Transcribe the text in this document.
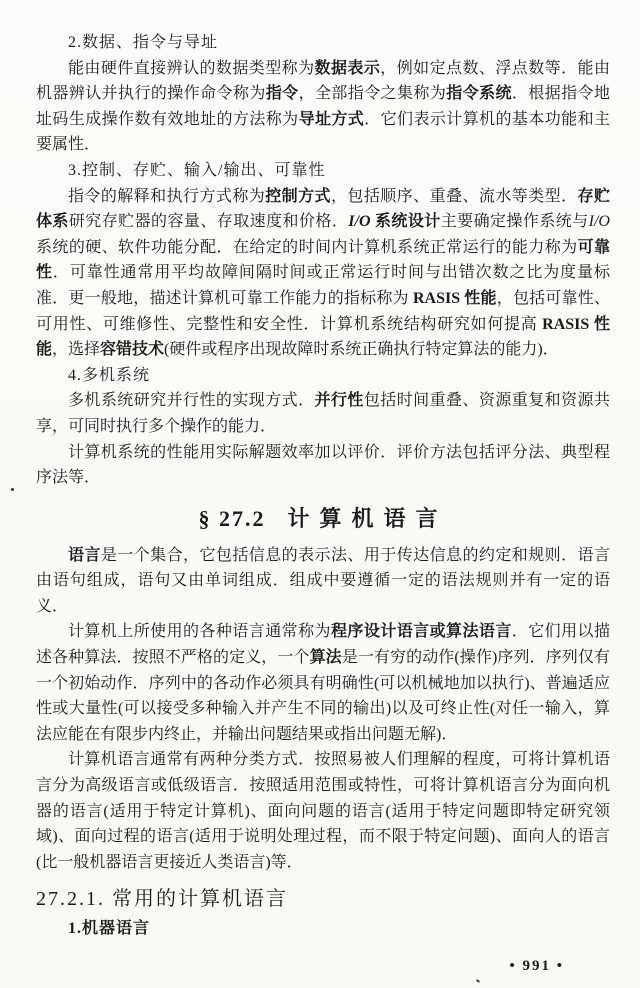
2.数据、指令与导址

能由硬件直接辨认的数据类型称为数据表示，例如定点数、浮点数等．能由机器辨认并执行的操作命令称为指令，全部指令之集称为指令系统．根据指令地址码生成操作数有效地址的方法称为导址方式．它们表示计算机的基本功能和主要属性．

3.控制、存贮、输入/输出、可靠性

指令的解释和执行方式称为控制方式，包括顺序、重叠、流水等类型．存贮体系研究存贮器的容量、存取速度和价格．I/O 系统设计主要确定操作系统与I/O 系统的硬、软件功能分配．在给定的时间内计算机系统正常运行的能力称为可靠性．可靠性通常用平均故障间隔时间或正常运行时间与出错次数之比为度量标准．更一般地，描述计算机可靠工作能力的指标称为 RASIS 性能，包括可靠性、可用性、可维修性、完整性和安全性．计算机系统结构研究如何提高 RASIS 性能，选择容错技术(硬件或程序出现故障时系统正确执行特定算法的能力)．

4.多机系统

多机系统研究并行性的实现方式．并行性包括时间重叠、资源重复和资源共享，可同时执行多个操作的能力．

计算机系统的性能用实际解题效率加以评价．评价方法包括评分法、典型程序法等．

§ 27.2 计算机语言

语言是一个集合，它包括信息的表示法、用于传达信息的约定和规则．语言由语句组成，语句又由单词组成．组成中要遵循一定的语法规则并有一定的语义．

计算机上所使用的各种语言通常称为程序设计语言或算法语言．它们用以描述各种算法．按照不严格的定义，一个算法是一有穷的动作(操作)序列．序列仅有一个初始动作．序列中的各动作必须具有明确性(可以机械地加以执行)、普遍适应性或大量性(可以接受多种输入并产生不同的输出)以及可终止性(对任一输入，算法应能在有限步内终止，并输出问题结果或指出问题无解)．

计算机语言通常有两种分类方式．按照易被人们理解的程度，可将计算机语言分为高级语言或低级语言．按照适用范围或特性，可将计算机语言分为面向机器的语言(适用于特定计算机)、面向问题的语言(适用于特定问题即特定研究领域)、面向过程的语言(适用于说明处理过程，而不限于特定问题)、面向人的语言(比一般机器语言更接近人类语言)等．

27.2.1. 常用的计算机语言

1.机器语言

• 991 •
